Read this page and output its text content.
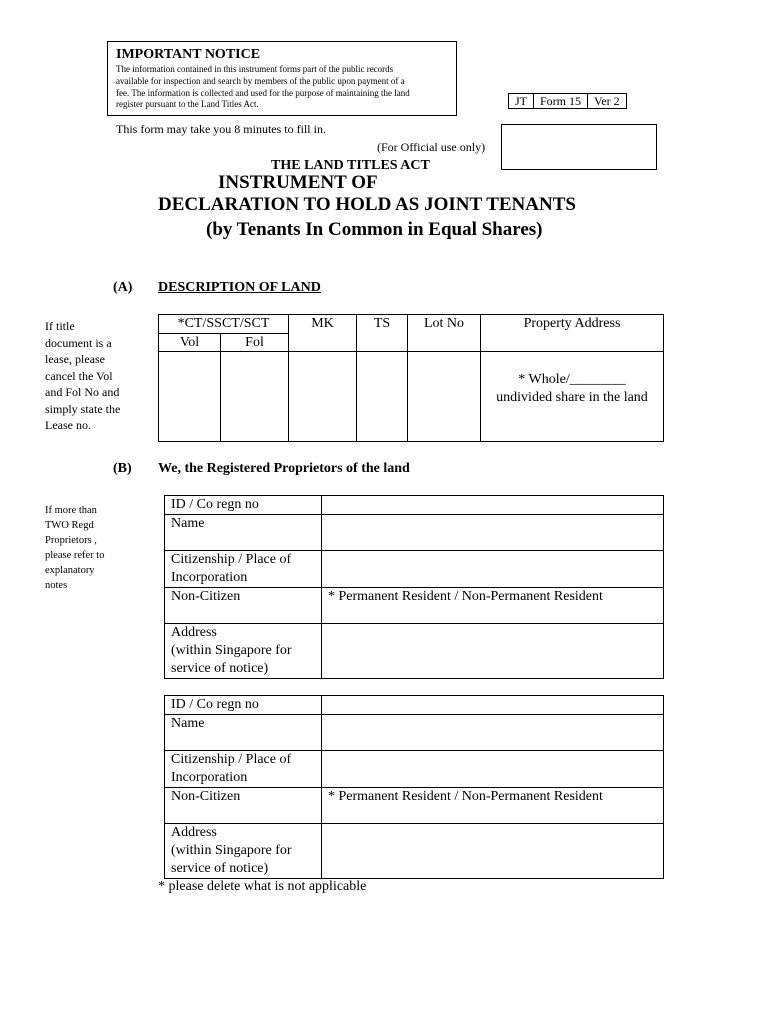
IMPORTANT NOTICE
The information contained in this instrument forms part of the public records
available for inspection and search by members of the public upon payment of a
fee. The information is collected and used for the purpose of maintaining the land
register pursuant to the Land Titles Act.	JT	Form 15	Ver 2
This form may take you 8 minutes to fill in.
(For Official use only)
THE LAND TITLES ACT
INSTRUMENT OF
DECLARATION TO HOLD AS JOINT TENANTS
(by Tenants In Common in Equal Shares)
(A) DESCRIPTION OF LAND
If title
document is a
lease, please
cancel the Vol
and Fol No and
simply state the
Lease no.
*CT/SSCT/SCT		MK	TS	Lot No	Property Address
Vol	Fol				

					* Whole/________
undivided share in the land
(B) We, the Registered Proprietors of the land
If more than
TWO Regd
Proprietors ,
please refer to
explanatory
notes
ID / Co regn no	
Name	

Citizenship / Place of
Incorporation	

Non-Citizen	* Permanent Resident / Non-Permanent Resident

Address
(within Singapore for
service of notice)	

ID / Co regn no	
Name	

Citizenship / Place of
Incorporation	

Non-Citizen	* Permanent Resident / Non-Permanent Resident

Address
(within Singapore for
service of notice)	

* please delete what is not applicable
